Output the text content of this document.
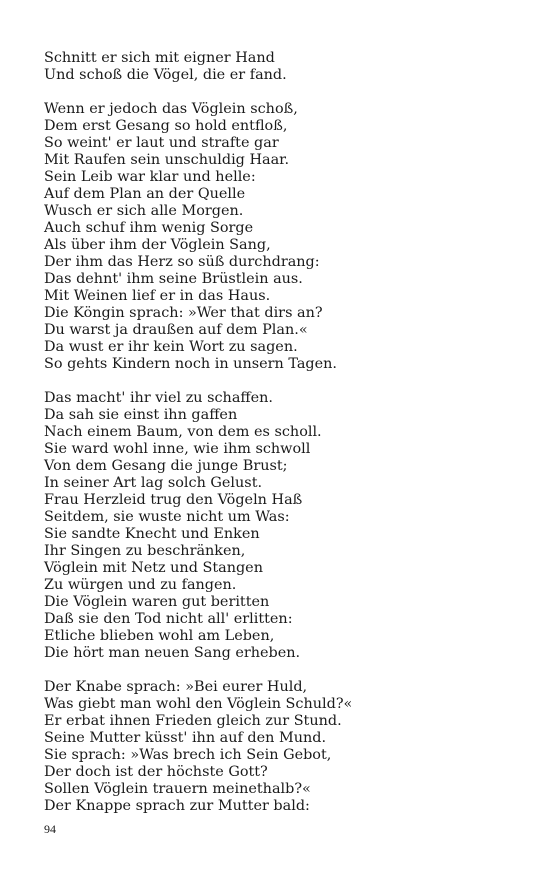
Schnitt er sich mit eigner Hand
Und schoß die Vögel, die er fand.
Wenn er jedoch das Vöglein schoß,
Dem erst Gesang so hold entfloß,
So weint' er laut und strafte gar
Mit Raufen sein unschuldig Haar.
Sein Leib war klar und helle:
Auf dem Plan an der Quelle
Wusch er sich alle Morgen.
Auch schuf ihm wenig Sorge
Als über ihm der Vöglein Sang,
Der ihm das Herz so süß durchdrang:
Das dehnt' ihm seine Brüstlein aus.
Mit Weinen lief er in das Haus.
Die Köngin sprach: »Wer that dirs an?
Du warst ja draußen auf dem Plan.«
Da wust er ihr kein Wort zu sagen.
So gehts Kindern noch in unsern Tagen.
Das macht' ihr viel zu schaffen.
Da sah sie einst ihn gaffen
Nach einem Baum, von dem es scholl.
Sie ward wohl inne, wie ihm schwoll
Von dem Gesang die junge Brust;
In seiner Art lag solch Gelust.
Frau Herzleid trug den Vögeln Haß
Seitdem, sie wuste nicht um Was:
Sie sandte Knecht und Enken
Ihr Singen zu beschränken,
Vöglein mit Netz und Stangen
Zu würgen und zu fangen.
Die Vöglein waren gut beritten
Daß sie den Tod nicht all' erlitten:
Etliche blieben wohl am Leben,
Die hört man neuen Sang erheben.
Der Knabe sprach: »Bei eurer Huld,
Was giebt man wohl den Vöglein Schuld?«
Er erbat ihnen Frieden gleich zur Stund.
Seine Mutter küsst' ihn auf den Mund.
Sie sprach: »Was brech ich Sein Gebot,
Der doch ist der höchste Gott?
Sollen Vöglein trauern meinethalb?«
Der Knappe sprach zur Mutter bald:
94
